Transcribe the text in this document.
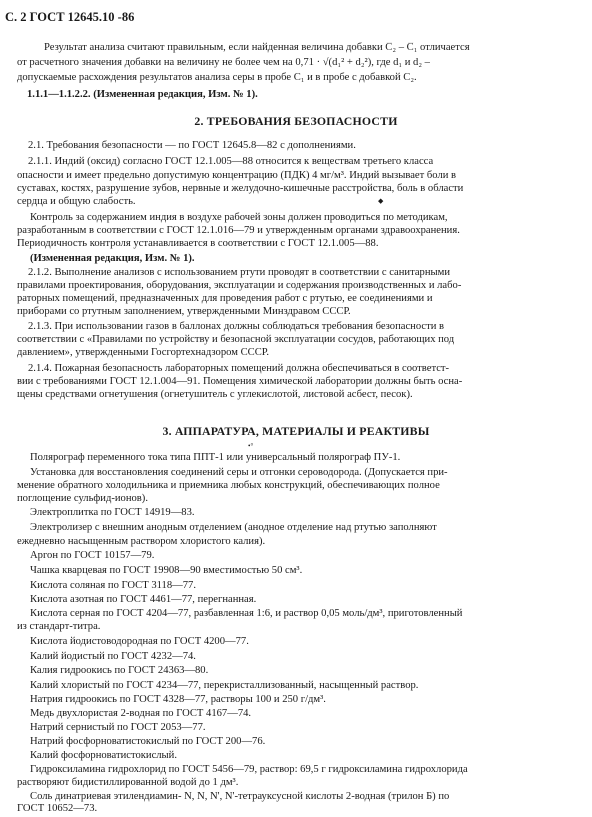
С. 2 ГОСТ 12645.10 -86
Результат анализа считают правильным, если найденная величина добавки C̅₂ – C̅₁ отличается
от расчетного значения добавки на величину не более чем на 0,71 · √(d₁² + d₂²), где d₁ и d₂ –
допускаемые расхождения результатов анализа серы в пробе C₁ и в пробе с добавкой C₂.
1.1.1—1.1.2.2. (Измененная редакция, Изм. № 1).
2. ТРЕБОВАНИЯ БЕЗОПАСНОСТИ
2.1. Требования безопасности — по ГОСТ 12645.8—82 с дополнениями.
2.1.1. Индий (оксид) согласно ГОСТ 12.1.005—88 относится к веществам третьего класса
опасности и имеет предельно допустимую концентрацию (ПДК) 4 мг/м³. Индий вызывает боли в
суставах, костях, разрушение зубов, нервные и желудочно-кишечные расстройства, боль в области
сердца и общую слабость.	◆
Контроль за содержанием индия в воздухе рабочей зоны должен проводиться по методикам,
разработанным в соответствии с ГОСТ 12.1.016—79 и утвержденным органами здравоохранения.
Периодичность контроля устанавливается в соответствии с ГОСТ 12.1.005—88.
(Измененная редакция, Изм. № 1).
2.1.2. Выполнение анализов с использованием ртути проводят в соответствии с санитарными
правилами проектирования, оборудования, эксплуатации и содержания производственных и лабо-
раторных помещений, предназначенных для проведения работ с ртутью, ее соединениями и
приборами со ртутным заполнением, утвержденными Минздравом СССР.
2.1.3. При использовании газов в баллонах должны соблюдаться требования безопасности в
соответствии с «Правилами по устройству и безопасной эксплуатации сосудов, работающих под
давлением», утвержденными Госгортехнадзором СССР.
2.1.4. Пожарная безопасность лабораторных помещений должна обеспечиваться в соответст-
вии с требованиями ГОСТ 12.1.004—91. Помещения химической лаборатории должны быть осна-
щены средствами огнетушения (огнетушитель с углекислотой, листовой асбест, песок).
3. АППАРАТУРА, МАТЕРИАЛЫ И РЕАКТИВЫ
•°
Полярограф переменного тока типа ППТ-1 или универсальный полярограф ПУ-1.
Установка для восстановления соединений серы и отгонки сероводорода. (Допускается при-
менение обратного холодильника и приемника любых конструкций, обеспечивающих полное
поглощение сульфид-ионов).
Электроплитка по ГОСТ 14919—83.
Электролизер с внешним анодным отделением (анодное отделение над ртутью заполняют
ежедневно насыщенным раствором хлористого калия).
Аргон по ГОСТ 10157—79.
Чашка кварцевая по ГОСТ 19908—90 вместимостью 50 см³.
Кислота соляная по ГОСТ 3118—77.
Кислота азотная по ГОСТ 4461—77, перегнанная.
Кислота серная по ГОСТ 4204—77, разбавленная 1:6, и раствор 0,05 моль/дм³, приготовленный
из стандарт-титра.
Кислота йодистоводородная по ГОСТ 4200—77.
Калий йодистый по ГОСТ 4232—74.
Калия гидроокись по ГОСТ 24363—80.
Калий хлористый по ГОСТ 4234—77, перекристаллизованный, насыщенный раствор.
Натрия гидроокись по ГОСТ 4328—77, растворы 100 и 250 г/дм³.
Медь двухлористая 2-водная по ГОСТ 4167—74.
Натрий сернистый по ГОСТ 2053—77.
Натрий фосфорноватистокислый по ГОСТ 200—76.
Калий фосфорноватистокислый.
Гидроксиламина гидрохлорид по ГОСТ 5456—79, раствор: 69,5 г гидроксиламина гидрохлорида
растворяют бидистиллированной водой до 1 дм³.
Соль динатриевая этилендиамин- N, N, N', N'-тетрауксусной кислоты 2-водная (трилон Б) по
ГОСТ 10652—73.
